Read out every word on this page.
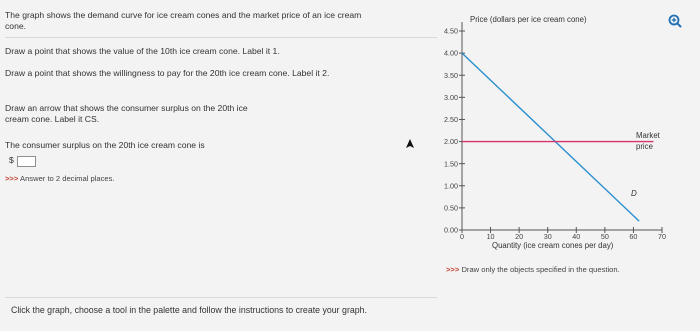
The graph shows the demand curve for ice cream cones and the market price of an ice cream cone.
Draw a point that shows the value of the 10th ice cream cone. Label it 1.
Draw a point that shows the willingness to pay for the 20th ice cream cone. Label it 2.
Draw an arrow that shows the consumer surplus on the 20th ice cream cone. Label it CS.
The consumer surplus on the 20th ice cream cone is
$
>>> Answer to 2 decimal places.
Click the graph, choose a tool in the palette and follow the instructions to create your graph.
Price (dollars per ice cream cone)
0.00
0.50
1.00
1.50
2.00
2.50
3.00
3.50
4.00
4.50
0	10	20	30	40	50	60	70
Market
price
D
Quantity (ice cream cones per day)
>>> Draw only the objects specified in the question.
